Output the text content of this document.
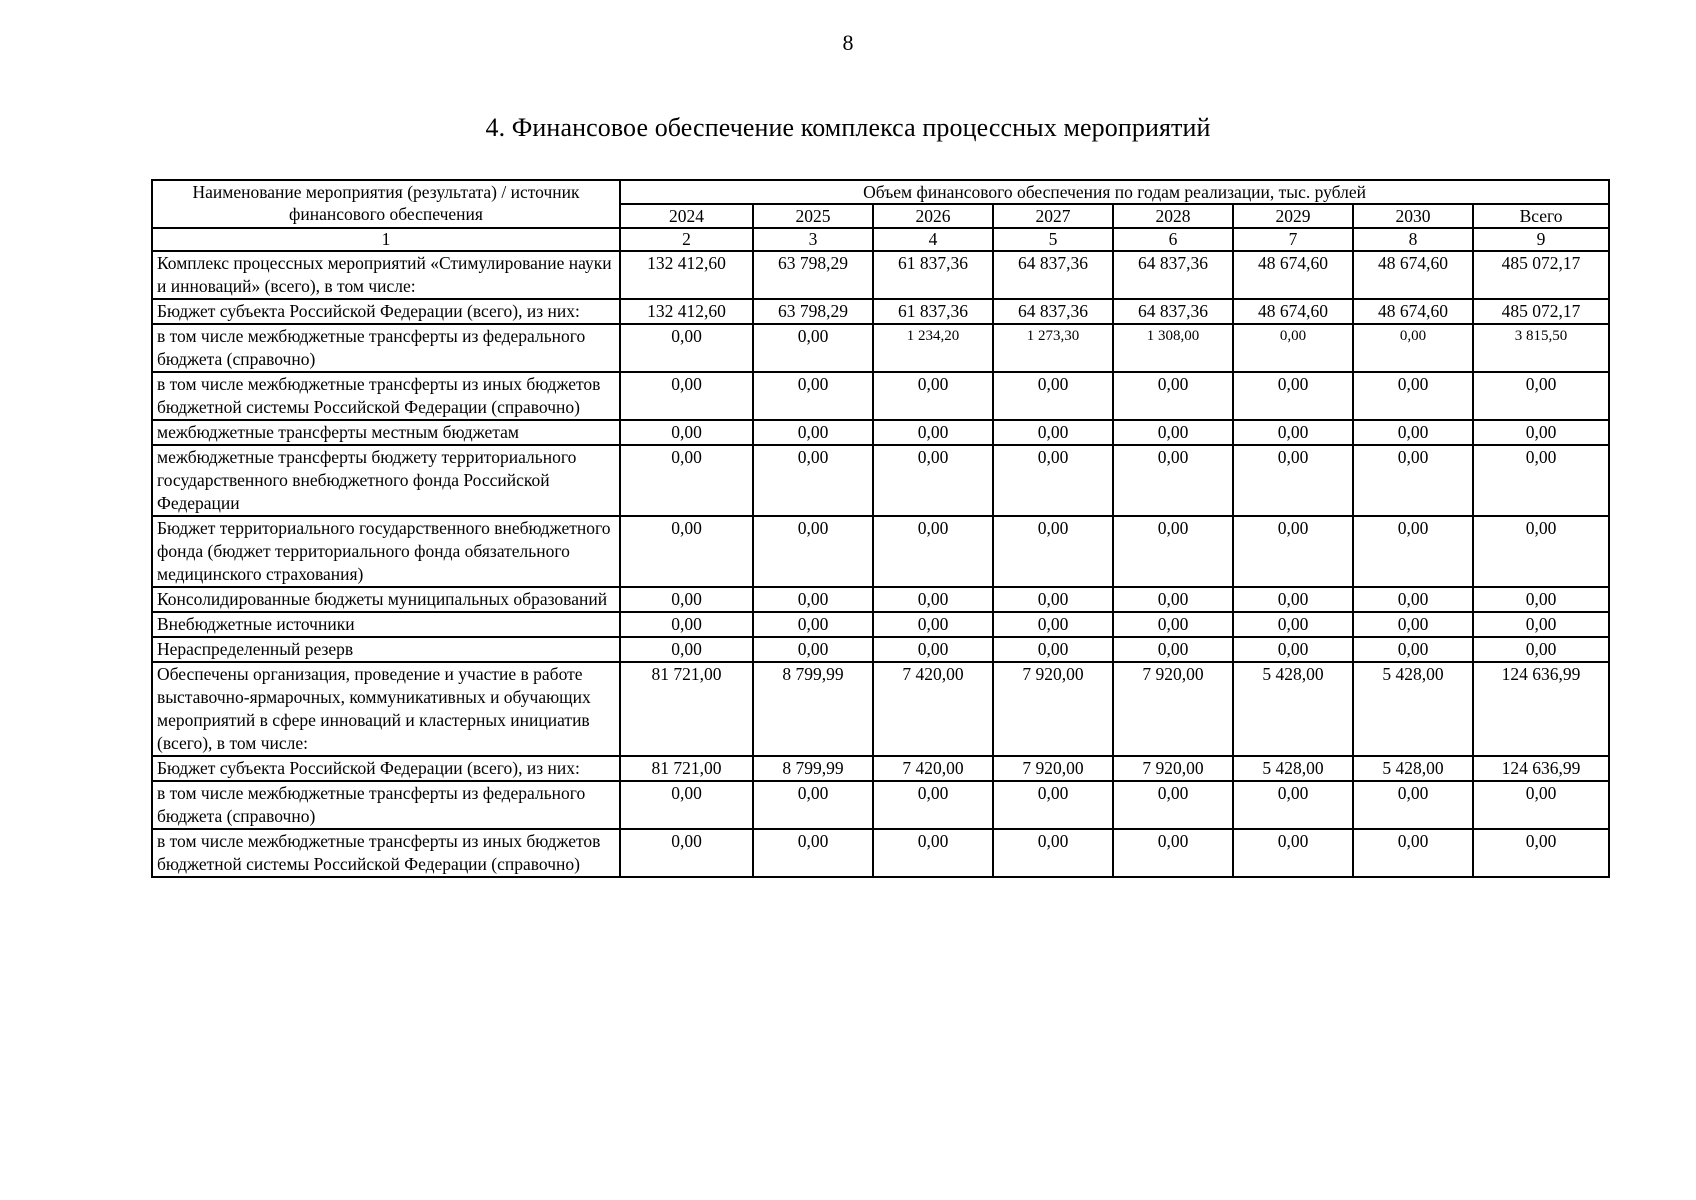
8
4. Финансовое обеспечение комплекса процессных мероприятий
Наименование мероприятия (результата) / источник финансового обеспечения	Объем финансового обеспечения по годам реализации, тыс. рублей							
	2024	2025	2026	2027	2028	2029	2030	Всего
1	2	3	4	5	6	7	8	9
Комплекс процессных мероприятий «Стимулирование науки и инноваций» (всего), в том числе:	132 412,60	63 798,29	61 837,36	64 837,36	64 837,36	48 674,60	48 674,60	485 072,17
Бюджет субъекта Российской Федерации (всего), из них:	132 412,60	63 798,29	61 837,36	64 837,36	64 837,36	48 674,60	48 674,60	485 072,17
в том числе межбюджетные трансферты из федерального бюджета (справочно)	0,00	0,00	1 234,20	1 273,30	1 308,00	0,00	0,00	3 815,50
в том числе межбюджетные трансферты из иных бюджетов бюджетной системы Российской Федерации (справочно)	0,00	0,00	0,00	0,00	0,00	0,00	0,00	0,00
межбюджетные трансферты местным бюджетам	0,00	0,00	0,00	0,00	0,00	0,00	0,00	0,00
межбюджетные трансферты бюджету территориального государственного внебюджетного фонда Российской Федерации	0,00	0,00	0,00	0,00	0,00	0,00	0,00	0,00
Бюджет территориального государственного внебюджетного фонда (бюджет территориального фонда обязательного медицинского страхования)	0,00	0,00	0,00	0,00	0,00	0,00	0,00	0,00
Консолидированные бюджеты муниципальных образований	0,00	0,00	0,00	0,00	0,00	0,00	0,00	0,00
Внебюджетные источники	0,00	0,00	0,00	0,00	0,00	0,00	0,00	0,00
Нераспределенный резерв	0,00	0,00	0,00	0,00	0,00	0,00	0,00	0,00
Обеспечены организация, проведение и участие в работе выставочно-ярмарочных, коммуникативных и обучающих мероприятий в сфере инноваций и кластерных инициатив (всего), в том числе:	81 721,00	8 799,99	7 420,00	7 920,00	7 920,00	5 428,00	5 428,00	124 636,99
Бюджет субъекта Российской Федерации (всего), из них:	81 721,00	8 799,99	7 420,00	7 920,00	7 920,00	5 428,00	5 428,00	124 636,99
в том числе межбюджетные трансферты из федерального бюджета (справочно)	0,00	0,00	0,00	0,00	0,00	0,00	0,00	0,00
в том числе межбюджетные трансферты из иных бюджетов бюджетной системы Российской Федерации (справочно)	0,00	0,00	0,00	0,00	0,00	0,00	0,00	0,00
